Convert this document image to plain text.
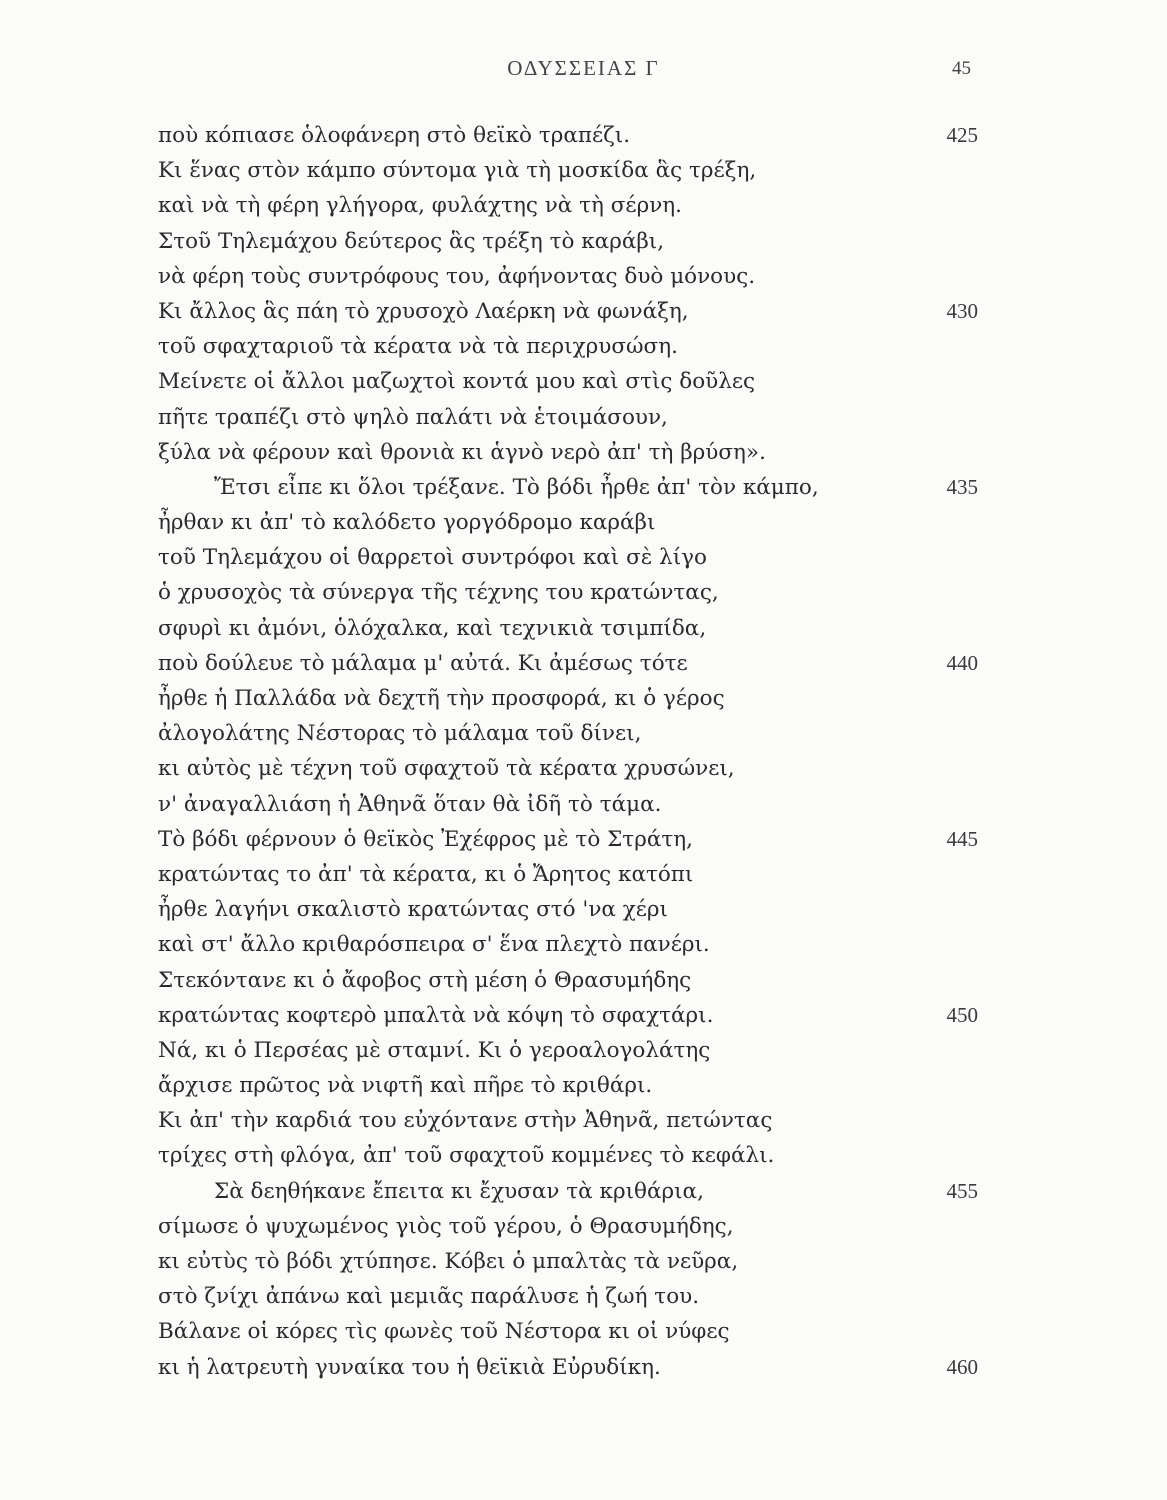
ΟΔΥΣΣΕΙΑΣ Γ	45
ποὺ κόπιασε ὁλοφάνερη στὸ θεϊκὸ τραπέζι.	425
Κι ἕνας στὸν κάμπο σύντομα γιὰ τὴ μοσκίδα ἃς τρέξη,
καὶ νὰ τὴ φέρη γλήγορα, φυλάχτης νὰ τὴ σέρνη.
Στοῦ Τηλεμάχου δεύτερος ἃς τρέξη τὸ καράβι,
νὰ φέρη τοὺς συντρόφους του, ἀφήνοντας δυὸ μόνους.
Κι ἄλλος ἃς πάη τὸ χρυσοχὸ Λαέρκη νὰ φωνάξη,	430
τοῦ σφαχταριοῦ τὰ κέρατα νὰ τὰ περιχρυσώση.
Μείνετε οἱ ἄλλοι μαζωχτοὶ κοντά μου καὶ στὶς δοῦλες
πῆτε τραπέζι στὸ ψηλὸ παλάτι νὰ ἑτοιμάσουν,
ξύλα νὰ φέρουν καὶ θρονιὰ κι ἁγνὸ νερὸ ἀπ' τὴ βρύση».
Ἔτσι εἶπε κι ὅλοι τρέξανε. Τὸ βόδι ἦρθε ἀπ' τὸν κάμπο,	435
ἦρθαν κι ἀπ' τὸ καλόδετο γοργόδρομο καράβι
τοῦ Τηλεμάχου οἱ θαρρετοὶ συντρόφοι καὶ σὲ λίγο
ὁ χρυσοχὸς τὰ σύνεργα τῆς τέχνης του κρατώντας,
σφυρὶ κι ἀμόνι, ὁλόχαλκα, καὶ τεχνικιὰ τσιμπίδα,
ποὺ δούλευε τὸ μάλαμα μ' αὐτά. Κι ἀμέσως τότε	440
ἦρθε ἡ Παλλάδα νὰ δεχτῆ τὴν προσφορά, κι ὁ γέρος
ἀλογολάτης Νέστορας τὸ μάλαμα τοῦ δίνει,
κι αὐτὸς μὲ τέχνη τοῦ σφαχτοῦ τὰ κέρατα χρυσώνει,
ν' ἀναγαλλιάση ἡ Ἀθηνᾶ ὅταν θὰ ἰδῆ τὸ τάμα.
Τὸ βόδι φέρνουν ὁ θεϊκὸς Ἐχέφρος μὲ τὸ Στράτη,	445
κρατώντας το ἀπ' τὰ κέρατα, κι ὁ Ἄρητος κατόπι
ἦρθε λαγήνι σκαλιστὸ κρατώντας στό 'να χέρι
καὶ στ' ἄλλο κριθαρόσπειρα σ' ἕνα πλεχτὸ πανέρι.
Στεκόντανε κι ὁ ἄφοβος στὴ μέση ὁ Θρασυμήδης
κρατώντας κοφτερὸ μπαλτὰ νὰ κόψη τὸ σφαχτάρι.	450
Νά, κι ὁ Περσέας μὲ σταμνί. Κι ὁ γεροαλογολάτης
ἄρχισε πρῶτος νὰ νιφτῆ καὶ πῆρε τὸ κριθάρι.
Κι ἀπ' τὴν καρδιά του εὐχόντανε στὴν Ἀθηνᾶ, πετώντας
τρίχες στὴ φλόγα, ἀπ' τοῦ σφαχτοῦ κομμένες τὸ κεφάλι.
Σὰ δεηθήκανε ἔπειτα κι ἔχυσαν τὰ κριθάρια,	455
σίμωσε ὁ ψυχωμένος γιὸς τοῦ γέρου, ὁ Θρασυμήδης,
κι εὐτὺς τὸ βόδι χτύπησε. Κόβει ὁ μπαλτὰς τὰ νεῦρα,
στὸ ζνίχι ἀπάνω καὶ μεμιᾶς παράλυσε ἡ ζωή του.
Βάλανε οἱ κόρες τὶς φωνὲς τοῦ Νέστορα κι οἱ νύφες
κι ἡ λατρευτὴ γυναίκα του ἡ θεϊκιὰ Εὐρυδίκη.	460
